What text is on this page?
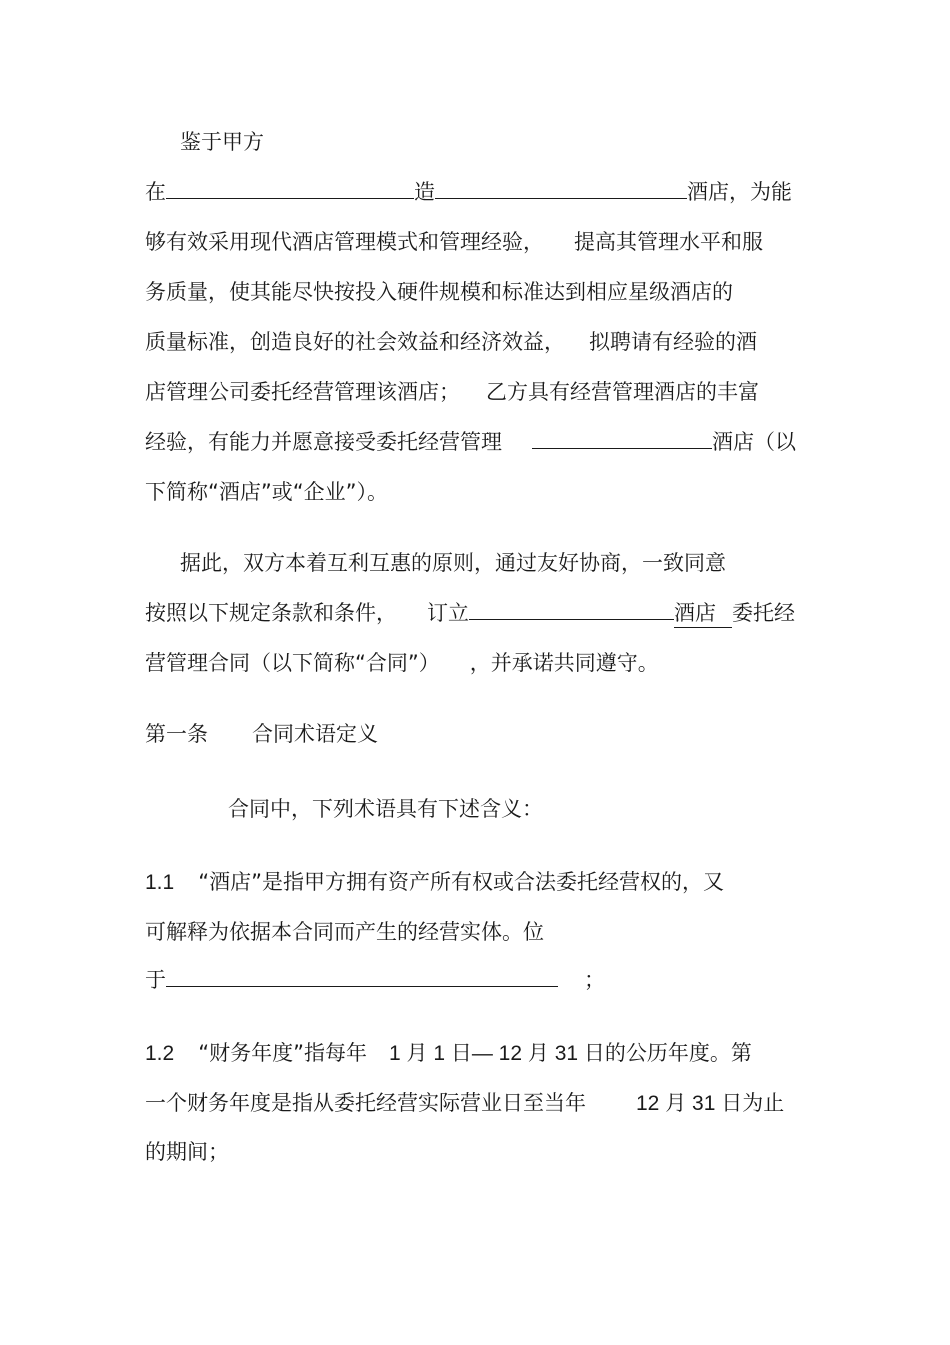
鉴于甲方
在	造	酒店，为能
够有效采用现代酒店管理模式和管理经验， 提高其管理水平和服
务质量，使其能尽快按投入硬件规模和标准达到相应星级酒店的
质量标准，创造良好的社会效益和经济效益， 拟聘请有经验的酒
店管理公司委托经营管理该酒店； 乙方具有经营管理酒店的丰富
经验，有能力并愿意接受委托经营管理	酒店（以
下简称“酒店”或“企业”）。
据此，双方本着互利互惠的原则，通过友好协商，一致同意
按照以下规定条款和条件， 订立	酒店 委托经
营管理合同（以下简称“合同”） ，并承诺共同遵守。
第一条 合同术语定义
合同中，下列术语具有下述含义：
1.1 “酒店”是指甲方拥有资产所有权或合法委托经营权的，又
可解释为依据本合同而产生的经营实体。位
于	；
1.2 “财务年度”指每年 1 月 1 日— 12 月 31 日的公历年度。第
一个财务年度是指从委托经营实际营业日至当年 12 月 31 日为止
的期间；
